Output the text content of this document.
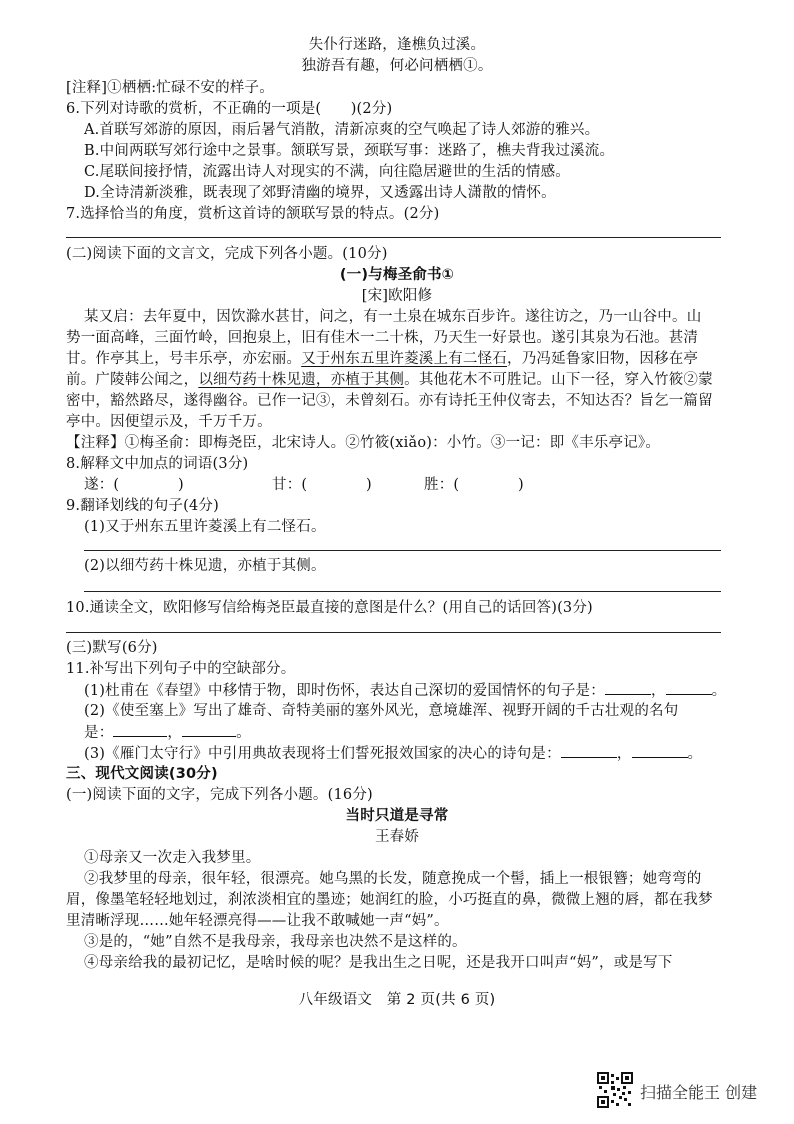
失仆行迷路，逢樵负过溪。
独游吾有趣，何必问栖栖①。
[注释]①栖栖:忙碌不安的样子。
6.下列对诗歌的赏析，不正确的一项是(　　)(2分)
A.首联写郊游的原因，雨后暑气消散，清新凉爽的空气唤起了诗人郊游的雅兴。
B.中间两联写郊行途中之景事。颔联写景，颈联写事：迷路了，樵夫背我过溪流。
C.尾联间接抒情，流露出诗人对现实的不满，向往隐居避世的生活的情感。
D.全诗清新淡雅，既表现了郊野清幽的境界，又透露出诗人潇散的情怀。
7.选择恰当的角度，赏析这首诗的颔联写景的特点。(2分)
(二)阅读下面的文言文，完成下列各小题。(10分)
(一)与梅圣俞书①
[宋]欧阳修
某又启：去年夏中，因饮滁水甚甘，问之，有一土泉在城东百步许。遂往访之，乃一山谷中。山
势一面高峰，三面竹岭，回抱泉上，旧有佳木一二十株，乃天生一好景也。遂引其泉为石池。甚清
甘。作亭其上，号丰乐亭，亦宏丽。又于州东五里许菱溪上有二怪石，乃冯延鲁家旧物，因移在亭
前。广陵韩公闻之，以细芍药十株见遗，亦植于其侧。其他花木不可胜记。山下一径，穿入竹筱②蒙
密中，豁然路尽，遂得幽谷。已作一记③，未曾刻石。亦有诗托王仲仪寄去，不知达否？旨乞一篇留
亭中。因便望示及，千万千万。
【注释】①梅圣俞：即梅尧臣，北宋诗人。②竹筱(xiǎo)：小竹。③一记：即《丰乐亭记》。
8.解释文中加点的词语(3分)
遂：(　　　　)	甘：(　　　　)	胜：(　　　　)
9.翻译划线的句子(4分)
(1)又于州东五里许菱溪上有二怪石。
(2)以细芍药十株见遗，亦植于其侧。
10.通读全文，欧阳修写信给梅尧臣最直接的意图是什么？(用自己的话回答)(3分)
(三)默写(6分)
11.补写出下列句子中的空缺部分。
(1)杜甫在《春望》中移情于物，即时伤怀，表达自己深切的爱国情怀的句子是：	，	。
(2)《使至塞上》写出了雄奇、奇特美丽的塞外风光，意境雄浑、视野开阔的千古壮观的名句
是：	，	。
(3)《雁门太守行》中引用典故表现将士们誓死报效国家的决心的诗句是：	，	。
三、现代文阅读(30分)
(一)阅读下面的文字，完成下列各小题。(16分)
当时只道是寻常
王春娇
①母亲又一次走入我梦里。
②我梦里的母亲，很年轻，很漂亮。她乌黑的长发，随意挽成一个髻，插上一根银簪；她弯弯的
眉，像墨笔轻轻地划过，刹浓淡相宜的墨迹；她润红的脸，小巧挺直的鼻，微微上翘的唇，都在我梦
里清晰浮现……她年轻漂亮得——让我不敢喊她一声“妈”。
③是的，“她”自然不是我母亲，我母亲也决然不是这样的。
④母亲给我的最初记忆，是啥时候的呢？是我出生之日呢，还是我开口叫声“妈”，或是写下
八年级语文　第 2 页(共 6 页)
扫描全能王 创建
